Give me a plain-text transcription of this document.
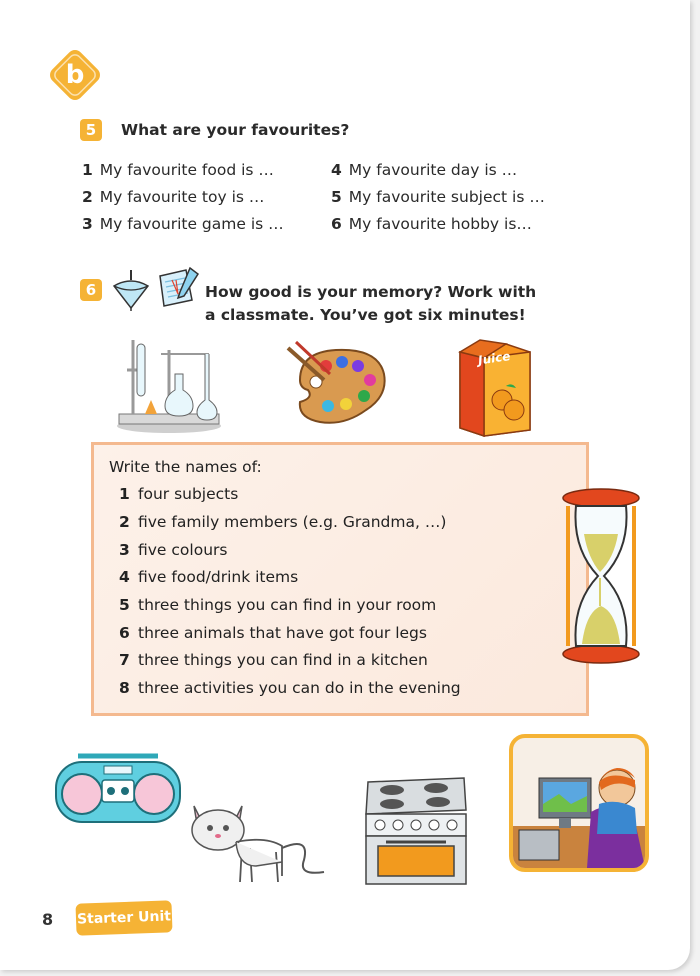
b
5	What are your favourites?
1 My favourite food is …
2 My favourite toy is …
3 My favourite game is …
4 My favourite day is …
5 My favourite subject is …
6 My favourite hobby is…
6	How good is your memory? Work with
a classmate. You’ve got six minutes!
Juice
Write the names of:
1 four subjects
2 five family members (e.g. Grandma, …)
3 five colours
4 five food/drink items
5 three things you can find in your room
6 three animals that have got four legs
7 three things you can find in a kitchen
8 three activities you can do in the evening
8 Starter Unit
